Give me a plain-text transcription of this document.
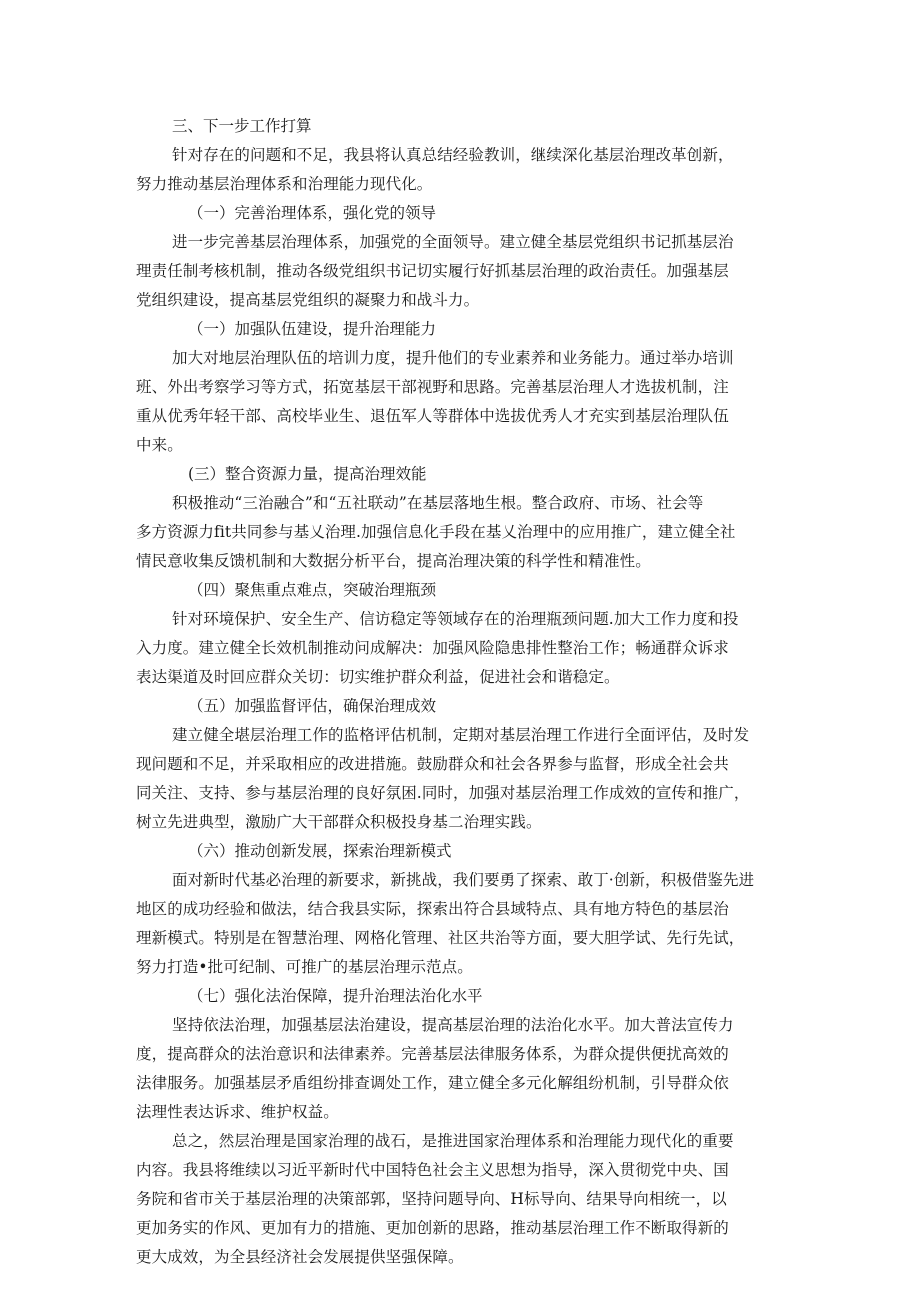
三、下一步工作打算

针对存在的问题和不足，我县将认真总结经验教训，继续深化基层治理改革创新，
努力推动基层治理体系和治理能力现代化。

（一）完善治理体系，强化党的领导

进一步完善基层治理体系，加强党的全面领导。建立健全基层党组织书记抓基层治
理责任制考核机制，推动各级党组织书记切实履行好抓基层治理的政治责任。加强基层
党组织建设，提高基层党组织的凝聚力和战斗力。

（一）加强队伍建设，提升治理能力

加大对地层治理队伍的培训力度，提升他们的专业素养和业务能力。通过举办培训
班、外出考察学习等方式，拓宽基层干部视野和思路。完善基层治理人才选拔机制，注
重从优秀年轻干部、高校毕业生、退伍军人等群体中选拔优秀人才充实到基层治理队伍
中来。

(三）整合资源力量，提高治理效能

积极推动“三治融合”和“五社联动”在基层落地生根。整合政府、市场、社会等
多方资源力fit共同参与基乂治理.加强信息化手段在基乂治理中的应用推广，建立健全社
情民意收集反馈机制和大数据分析平台，提高治理决策的科学性和精准性。

（四）聚焦重点难点，突破治理瓶颈

针对环境保护、安全生产、信访稳定等领域存在的治理瓶颈问题.加大工作力度和投
入力度。建立健全长效机制推动问成解决：加强风险隐患排性整治工作；畅通群众诉求
表达渠道及时回应群众关切：切实维护群众利益，促进社会和谐稳定。

（五）加强监督评估，确保治理成效

建立健全堪层治理工作的监格评估机制，定期对基层治理工作进行全面评估，及时发
现问题和不足，并采取相应的改进措施。鼓励群众和社会各界参与监督，形成全社会共
同关注、支持、参与基层治理的良好氛困.同时，加强对基层治理工作成效的宣传和推广，
树立先进典型，激励广大干部群众积极投身基二治理实践。

（六）推动创新发展，探索治理新模式

面对新时代基必治理的新要求，新挑战，我们要勇了探索、敢丁·创新，积极借鉴先进
地区的成功经验和做法，结合我县实际，探索出符合县域特点、具有地方特色的基层治
理新模式。特别是在智慧治理、网格化管理、社区共治等方面，要大胆学试、先行先试，
努力打造•批可纪制、可推广的基层治理示范点。

（七）强化法治保障，提升治理法治化水平

坚持依法治理，加强基层法治建设，提高基层治理的法治化水平。加大普法宣传力
度，提高群众的法治意识和法律素养。完善基层法律服务体系，为群众提供便扰高效的
法律服务。加强基层矛盾组纷排查调处工作，建立健全多元化解组纷机制，引导群众依
法理性表达诉求、维护权益。
总之，然层治理是国家治理的战石，是推进国家治理体系和治理能力现代化的重要
内容。我县将维续以习近平新时代中国特色社会主义思想为指导，深入贯彻党中央、国
务院和省市关于基层治理的决策部郭，坚持问题导向、H标导向、结果导向相统一，以
更加务实的作风、更加有力的措施、更加创新的思路，推动基层治理工作不断取得新的
更大成效，为全县经济社会发展提供坚强保障。
